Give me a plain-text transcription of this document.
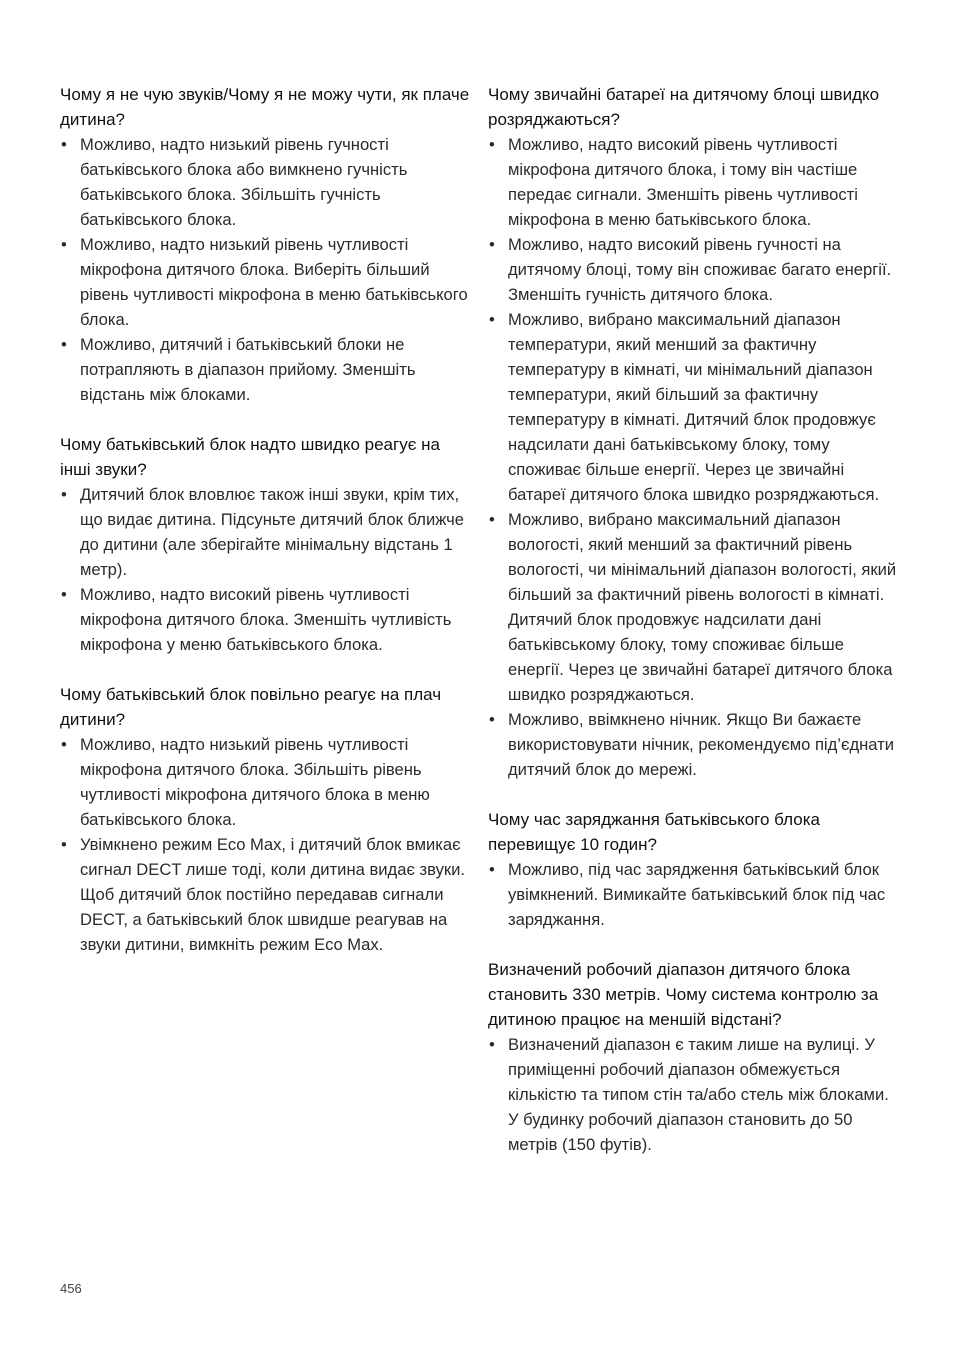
Чому я не чую звуків/Чому я не можу чути, як плаче дитина?

• Можливо, надто низький рівень гучності батьківського блока або вимкнено гучність батьківського блока. Збільшіть гучність батьківського блока.
• Можливо, надто низький рівень чутливості мікрофона дитячого блока. Виберіть більший рівень чутливості мікрофона в меню батьківського блока.
• Можливо, дитячий і батьківський блоки не потрапляють в діапазон прийому. Зменшіть відстань між блоками.

Чому батьківський блок надто швидко реагує на інші звуки?

• Дитячий блок вловлює також інші звуки, крім тих, що видає дитина. Підсуньте дитячий блок ближче до дитини (але зберігайте мінімальну відстань 1 метр).
• Можливо, надто високий рівень чутливості мікрофона дитячого блока. Зменшіть чутливість мікрофона у меню батьківського блока.

Чому батьківський блок повільно реагує на плач дитини?

• Можливо, надто низький рівень чутливості мікрофона дитячого блока. Збільшіть рівень чутливості мікрофона дитячого блока в меню батьківського блока.
• Увімкнено режим Eco Max, і дитячий блок вмикає сигнал DECT лише тоді, коли дитина видає звуки. Щоб дитячий блок постійно передавав сигнали DECT, а батьківський блок швидше реагував на звуки дитини, вимкніть режим Eco Max.

Чому звичайні батареї на дитячому блоці швидко розряджаються?

• Можливо, надто високий рівень чутливості мікрофона дитячого блока, і тому він частіше передає сигнали. Зменшіть рівень чутливості мікрофона в меню батьківського блока.
• Можливо, надто високий рівень гучності на дитячому блоці, тому він споживає багато енергії. Зменшіть гучність дитячого блока.
• Можливо, вибрано максимальний діапазон температури, який менший за фактичну температуру в кімнаті, чи мінімальний діапазон температури, який більший за фактичну температуру в кімнаті. Дитячий блок продовжує надсилати дані батьківському блоку, тому споживає більше енергії. Через це звичайні батареї дитячого блока швидко розряджаються.
• Можливо, вибрано максимальний діапазон вологості, який менший за фактичний рівень вологості, чи мінімальний діапазон вологості, який більший за фактичний рівень вологості в кімнаті. Дитячий блок продовжує надсилати дані батьківському блоку, тому споживає більше енергії. Через це звичайні батареї дитячого блока швидко розряджаються.
• Можливо, ввімкнено нічник. Якщо Ви бажаєте використовувати нічник, рекомендуємо під’єднати дитячий блок до мережі.

Чому час заряджання батьківського блока перевищує 10 годин?

• Можливо, під час зарядження батьківський блок увімкнений. Вимикайте батьківський блок під час заряджання.

Визначений робочий діапазон дитячого блока становить 330 метрів. Чому система контролю за дитиною працює на меншій відстані?

• Визначений діапазон є таким лише на вулиці. У приміщенні робочий діапазон обмежується кількістю та типом стін та/або стель між блоками. У будинку робочий діапазон становить до 50 метрів (150 футів).
456
